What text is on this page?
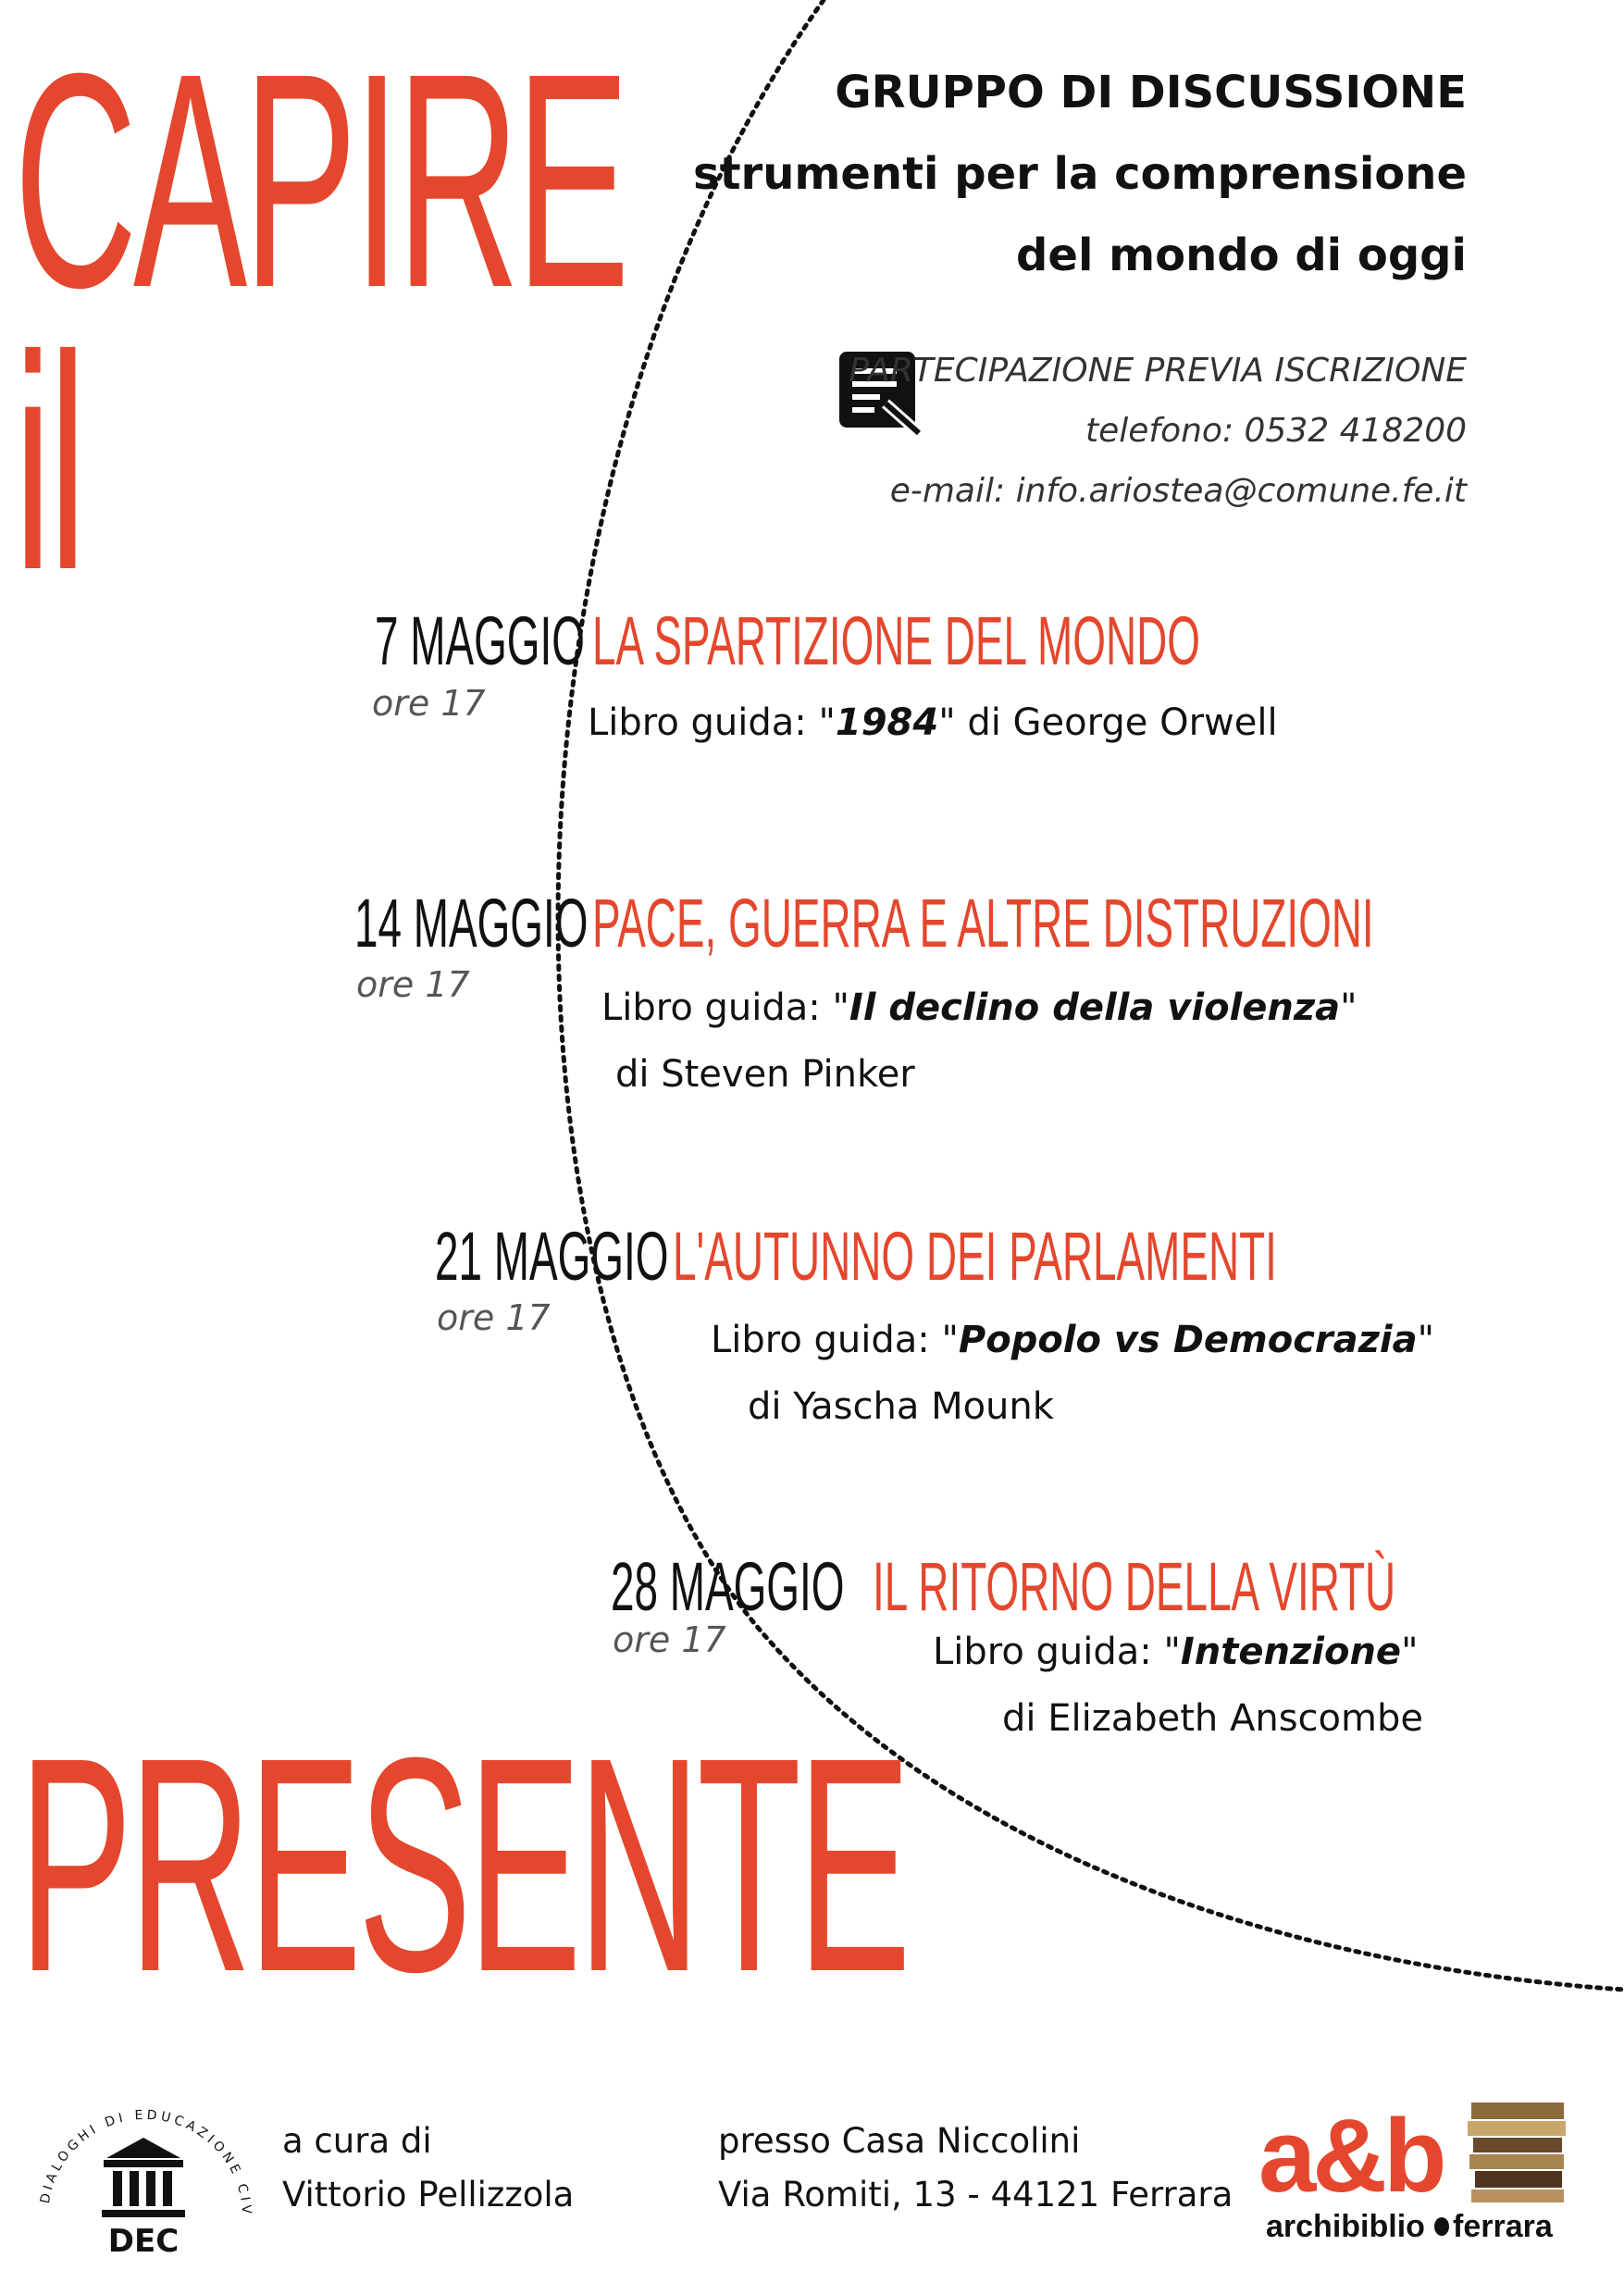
CAPIRE
il
PRESENTE
GRUPPO DI DISCUSSIONE
strumenti per la comprensione
del mondo di oggi
PARTECIPAZIONE PREVIA ISCRIZIONE
telefono: 0532 418200
e-mail: info.ariostea@comune.fe.it
7 MAGGIO LA SPARTIZIONE DEL MONDO
ore 17	Libro guida: "1984" di George Orwell
14 MAGGIO PACE, GUERRA E ALTRE DISTRUZIONI
ore 17
Libro guida: "Il declino della violenza"
di Steven Pinker
21 MAGGIO L'AUTUNNO DEI PARLAMENTI
ore 17
Libro guida: "Popolo vs Democrazia"
di Yascha Mounk
28 MAGGIO IL RITORNO DELLA VIRTÙ
ore 17	Libro guida: "Intenzione"
di Elizabeth Anscombe
DIALOGHI DI EDUCAZIONE CIV
DEC
a cura di
Vittorio Pellizzola
presso Casa Niccolini
Via Romiti, 13 - 44121 Ferrara a&b
archibiblio ferrara
